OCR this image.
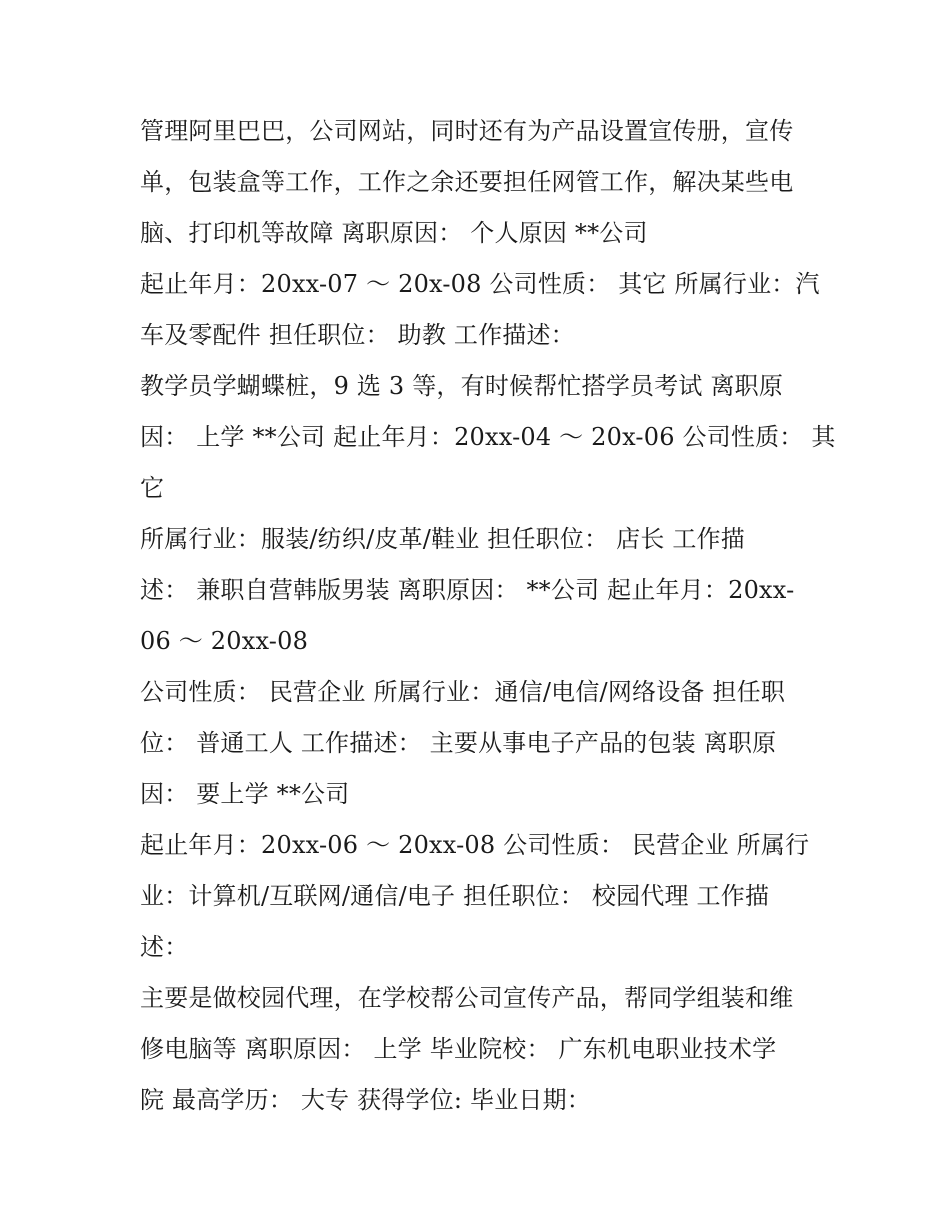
管理阿里巴巴，公司网站，同时还有为产品设置宣传册，宣传
单，包装盒等工作，工作之余还要担任网管工作，解决某些电
脑、打印机等故障 离职原因： 个人原因 **公司
起止年月：20xx-07 ～ 20x-08 公司性质： 其它 所属行业：汽
车及零配件 担任职位： 助教 工作描述：
教学员学蝴蝶桩，9 选 3 等，有时候帮忙搭学员考试 离职原
因： 上学 **公司 起止年月：20xx-04 ～ 20x-06 公司性质： 其
它
所属行业：服装/纺织/皮革/鞋业 担任职位： 店长 工作描
述： 兼职自营韩版男装 离职原因： **公司 起止年月：20xx-
06 ～ 20xx-08
公司性质： 民营企业 所属行业：通信/电信/网络设备 担任职
位： 普通工人 工作描述： 主要从事电子产品的包装 离职原
因： 要上学 **公司
起止年月：20xx-06 ～ 20xx-08 公司性质： 民营企业 所属行
业：计算机/互联网/通信/电子 担任职位： 校园代理 工作描
述：
主要是做校园代理，在学校帮公司宣传产品，帮同学组装和维
修电脑等 离职原因： 上学 毕业院校： 广东机电职业技术学
院 最高学历： 大专 获得学位: 毕业日期：
